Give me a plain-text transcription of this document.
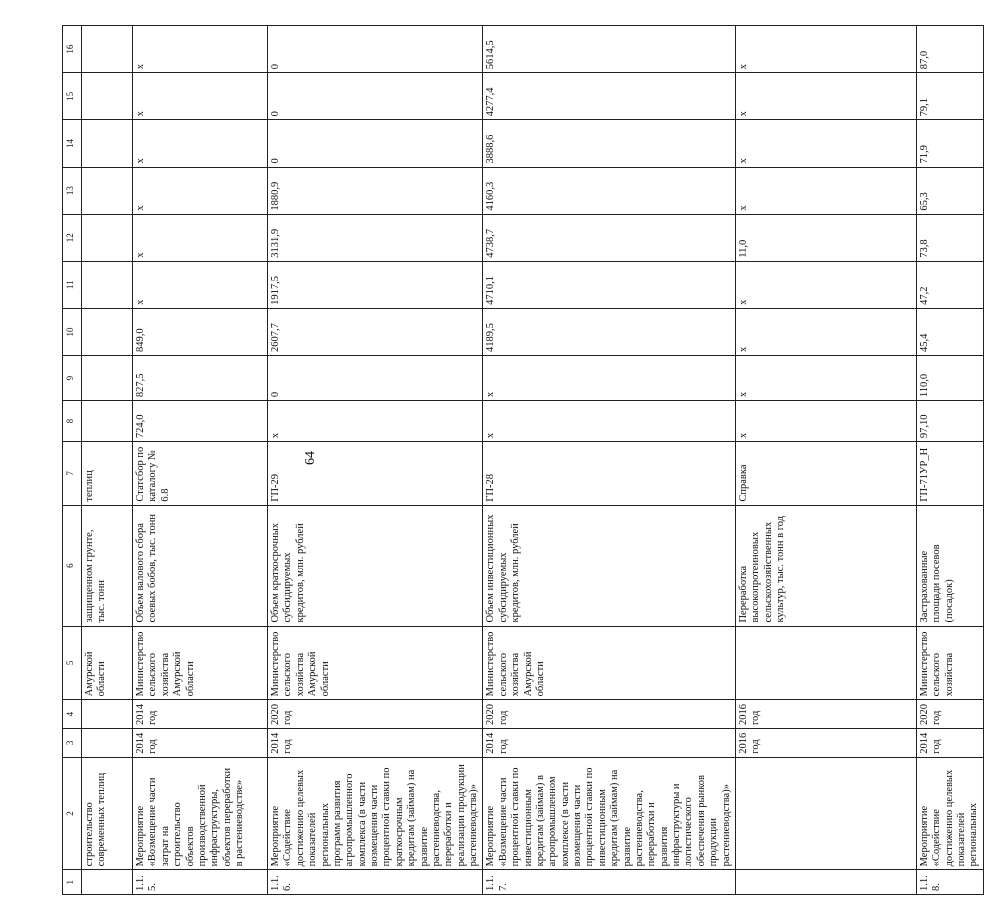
64
1	2	3	4	5	6	7	8	9	10	11	12	13	14	15	16
	строительство современных теплиц			Амурской области	защищенном грунте, тыс. тонн	теплиц									
1.1.5.	Мероприятие «Возмещение части затрат на строительство объектов производственной инфраструктуры, объектов переработки в растениеводстве»	2014 год	2014 год	Министерство сельского хозяйства Амурской области	Объем валового сбора соевых бобов, тыс. тонн	Статсбор по каталогу № 6.8	724,0	827,5	849,0	х	х	х	х	х	х
1.1.6.	Мероприятие «Содействие достижению целевых показателей региональных программ развития агропромышленного комплекса (в части возмещения части процентной ставки по краткосрочным кредитам (займам) на развитие растениеводства, переработки и реализации продукции растениеводства)»	2014 год	2020 год	Министерство сельского хозяйства Амурской области	Объем краткосрочных субсидируемых кредитов, млн. рублей	ГП-29	х	0	2607,7	1917,5	3131,9	1880,9	0	0	0
1.1.7.	Мероприятие «Возмещение части процентной ставки по инвестиционным кредитам (займам) в агропромышленном комплексе (в части возмещения части процентной ставки по инвестиционным кредитам (займам) на развитие растениеводства, переработки и развития инфраструктуры и логистического обеспечения рынков продукции растениеводства)»	2014 год	2020 год	Министерство сельского хозяйства Амурской области	Объем инвестиционных субсидируемых кредитов, млн. рублей	ГП-28	х	х	4189,5	4710,1	4738,7	4160,3	3888,6	4277,4	5614,5
		2016 год	2016 год		Переработка высокопротеиновых сельскохозяйственных культур, тыс. тонн в год	Справка	х	х	х	х	11,0	х	х	х	х
1.1.8.	Мероприятие «Содействие достижению целевых показателей региональных	2014 год	2020 год	Министерство сельского хозяйства	Застрахованные площади посевов (посадок)	ГП-71УР_Н	97,10	110,0	45,4	47,2	73,8	65,3	71,9	79,1	87,0
